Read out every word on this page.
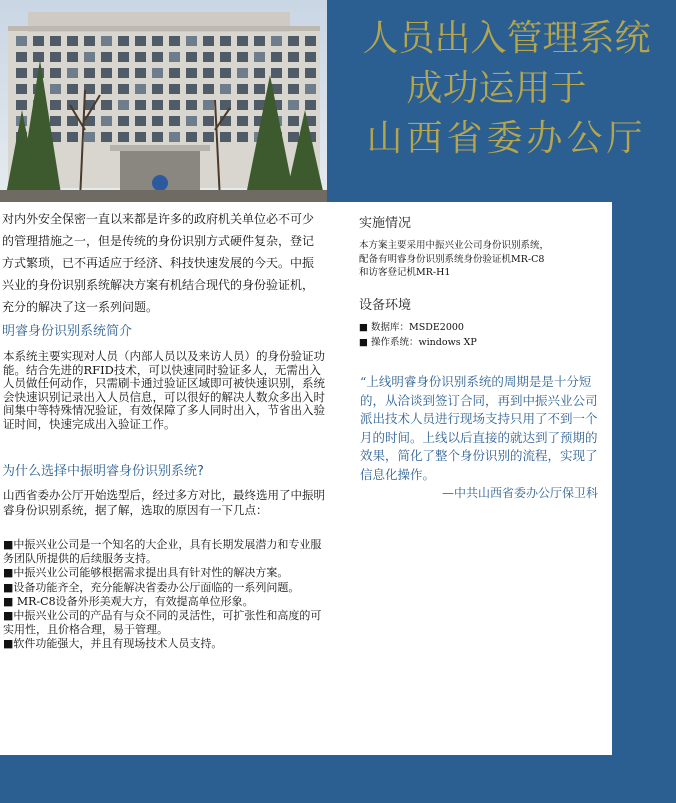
人员出入管理系统
成功运用于
山西省委办公厅
对内外安全保密一直以来都是许多的政府机关单位必不可少的管理措施之一，但是传统的身份识别方式硬件复杂，登记方式繁琐，已不再适应于经济、科技快速发展的今天。中振兴业的身份识别系统解决方案有机结合现代的身份验证机，充分的解决了这一系列问题。
明睿身份识别系统简介
本系统主要实现对人员（内部人员以及来访人员）的身份验证功能。结合先进的RFID技术，可以快速同时验证多人，无需出入人员做任何动作，只需刷卡通过验证区域即可被快速识别，系统会快速识别记录出入人员信息，可以很好的解决人数众多出入时间集中等特殊情况验证，有效保障了多人同时出入，节省出入验证时间，快速完成出入验证工作。
为什么选择中振明睿身份识别系统?
山西省委办公厅开始选型后，经过多方对比，最终选用了中振明睿身份识别系统，据了解，选取的原因有一下几点：
■中振兴业公司是一个知名的大企业，具有长期发展潜力和专业服务团队所提供的后续服务支持。
■中振兴业公司能够根据需求提出具有针对性的解决方案。
■设备功能齐全，充分能解决省委办公厅面临的一系列问题。
■ MR-C8设备外形美观大方，有效提高单位形象。
■中振兴业公司的产品有与众不同的灵活性，可扩张性和高度的可实用性，且价格合理，易于管理。
■软件功能强大，并且有现场技术人员支持。
实施情况
本方案主要采用中振兴业公司身份识别系统，配备有明睿身份识别系统身份验证机MR-C8和访客登记机MR-H1
设备环境
■ 数据库：MSDE2000
■ 操作系统：windows XP
“上线明睿身份识别系统的周期是是十分短的，从洽谈到签订合同，再到中振兴业公司派出技术人员进行现场支持只用了不到一个月的时间。上线以后直接的就达到了预期的效果，简化了整个身份识别的流程，实现了信息化操作。
—中共山西省委办公厅保卫科
